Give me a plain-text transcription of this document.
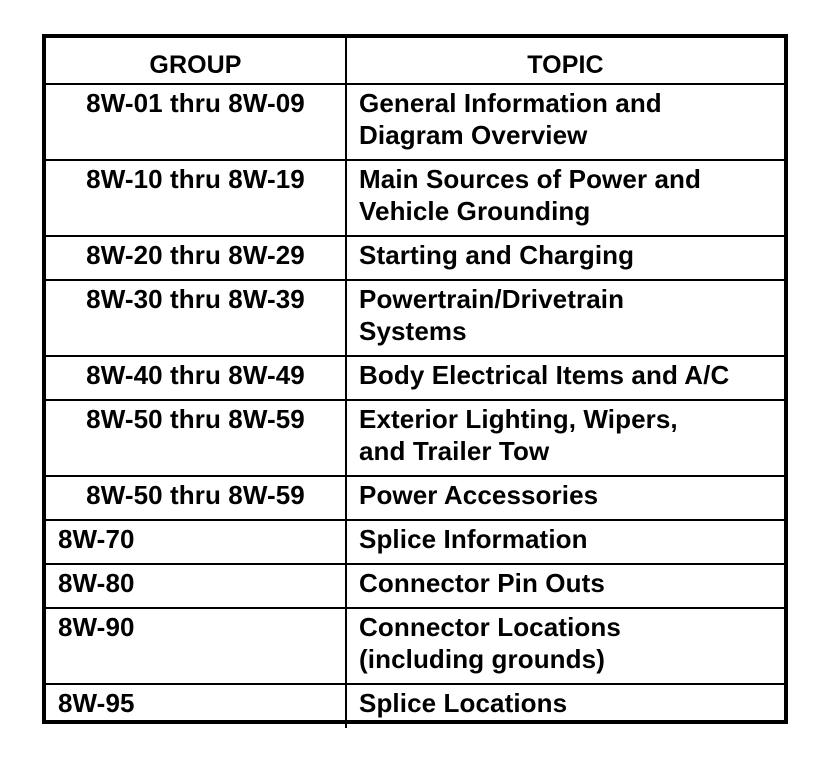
GROUP	TOPIC
8W-01 thru 8W-09	General Information and
Diagram Overview

8W-10 thru 8W-19	Main Sources of Power and
Vehicle Grounding

8W-20 thru 8W-29	Starting and Charging

8W-30 thru 8W-39	Powertrain/Drivetrain
Systems

8W-40 thru 8W-49	Body Electrical Items and A/C

8W-50 thru 8W-59	Exterior Lighting, Wipers,
and Trailer Tow

8W-50 thru 8W-59	Power Accessories

8W-70	Splice Information

8W-80	Connector Pin Outs

8W-90	Connector Locations
(including grounds)

8W-95	Splice Locations
